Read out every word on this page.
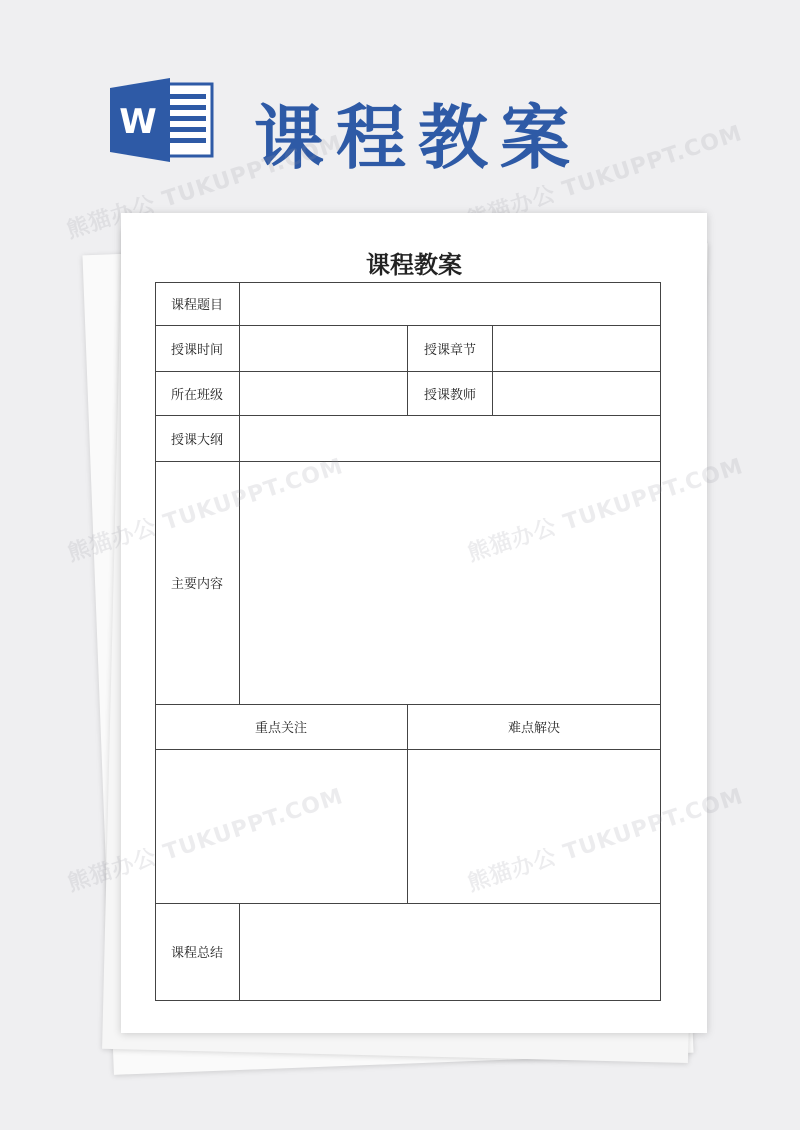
W 课程教案
熊猫办公 TUKUPPT.COM	熊猫办公 TUKUPPT.COM
课程教案
课程题目
授课时间	授课章节
所在班级	授课教师
授课大纲
主要内容
重点关注	难点解决
课程总结
熊猫办公 TUKUPPT.COM	熊猫办公 TUKUPPT.COM
熊猫办公 TUKUPPT.COM	熊猫办公 TUKUPPT.COM
